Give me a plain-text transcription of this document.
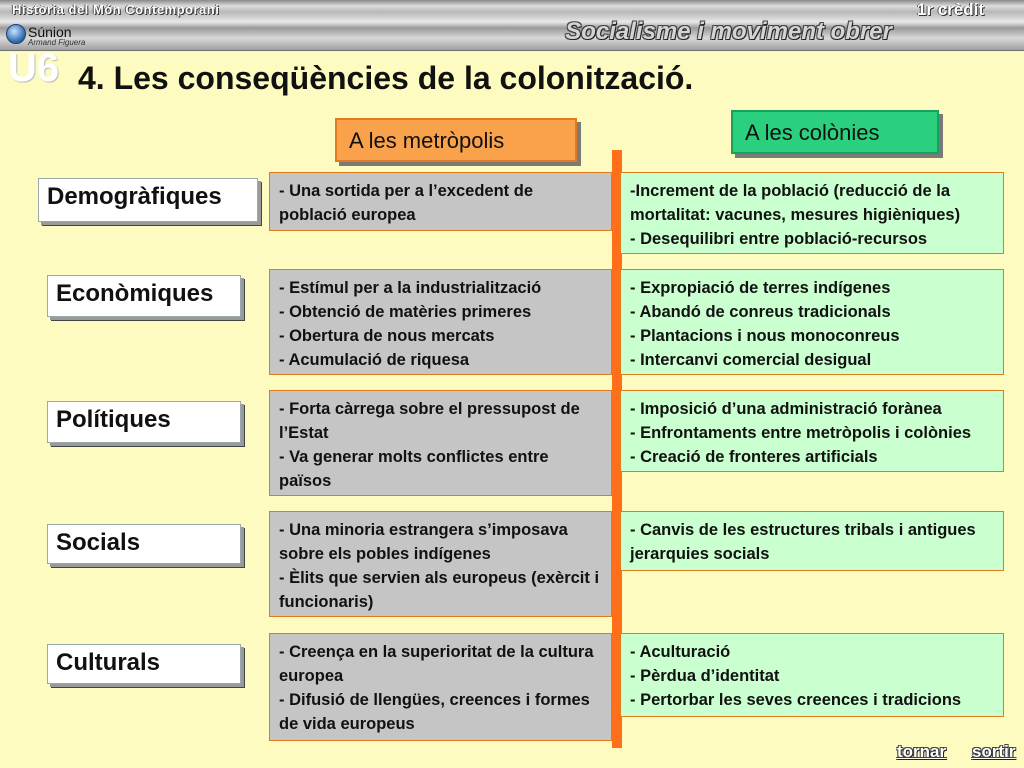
Història del Món Contemporani	1r crèdit
Socialisme i moviment obrer
Súnion
Armand Figuera
U6 4. Les conseqüències de la colonització.
A les metròpolis	A les colònies
Demogràfiques
Econòmiques
Polítiques
Socials
Culturals
- Una sortida per a l’excedent de població europea
- Estímul per a la industrialització
- Obtenció de matèries primeres
- Obertura de nous mercats
- Acumulació de riquesa
- Forta càrrega sobre el pressupost de l’Estat
- Va generar molts conflictes entre països
- Una minoria estrangera s’imposava sobre els pobles indígenes
- Èlits que servien als europeus (exèrcit i funcionaris)
- Creença en la superioritat de la cultura europea
- Difusió de llengües, creences i formes de vida europeus
-Increment de la població (reducció de la mortalitat: vacunes, mesures higièniques)
- Desequilibri entre població-recursos
- Expropiació de terres indígenes
- Abandó de conreus tradicionals
- Plantacions i nous monoconreus
- Intercanvi comercial desigual
- Imposició d’una administració forànea
- Enfrontaments entre metròpolis i colònies
- Creació de fronteres artificials
- Canvis de les estructures tribals i antigues jerarquies socials
- Aculturació
- Pèrdua d’identitat
- Pertorbar les seves creences i tradicions
tornar sortir
